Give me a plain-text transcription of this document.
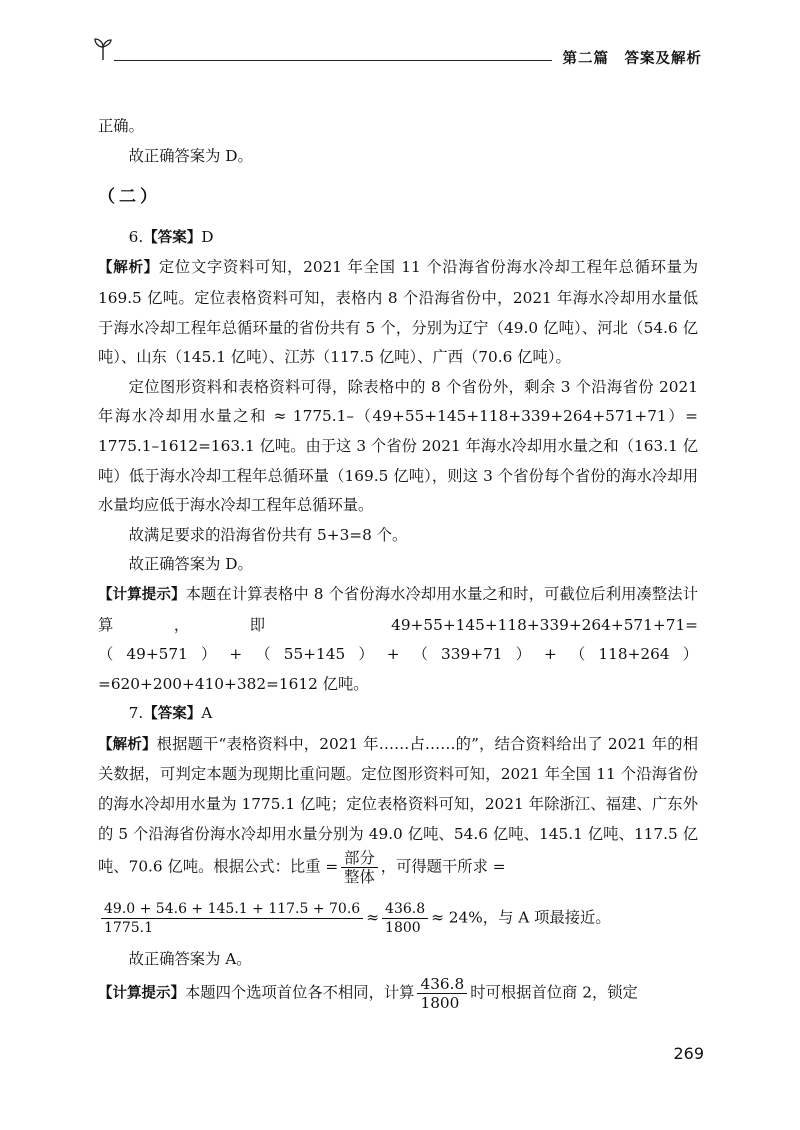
第二篇　答案及解析

正确。

故正确答案为 D。

（二）

6.【答案】D

【解析】定位文字资料可知，2021 年全国 11 个沿海省份海水冷却工程年总循环量为 169.5 亿吨。定位表格资料可知，表格内 8 个沿海省份中，2021 年海水冷却用水量低于海水冷却工程年总循环量的省份共有 5 个，分别为辽宁（49.0 亿吨）、河北（54.6 亿吨）、山东（145.1 亿吨）、江苏（117.5 亿吨）、广西（70.6 亿吨）。

定位图形资料和表格资料可得，除表格中的 8 个省份外，剩余 3 个沿海省份 2021 年海水冷却用水量之和 ≈ 1775.1–（49+55+145+118+339+264+571+71）= 1775.1–1612=163.1 亿吨。由于这 3 个省份 2021 年海水冷却用水量之和（163.1 亿吨）低于海水冷却工程年总循环量（169.5 亿吨），则这 3 个省份每个省份的海水冷却用水量均应低于海水冷却工程年总循环量。

故满足要求的沿海省份共有 5+3=8 个。

故正确答案为 D。

【计算提示】本题在计算表格中 8 个省份海水冷却用水量之和时，可截位后利用凑整法计算，即 49+55+145+118+339+264+571+71=（49+571）+（55+145）+（339+71）+（118+264）=620+200+410+382=1612 亿吨。

7.【答案】A

【解析】根据题干“表格资料中，2021 年……占……的”，结合资料给出了 2021 年的相关数据，可判定本题为现期比重问题。定位图形资料可知，2021 年全国 11 个沿海省份的海水冷却用水量为 1775.1 亿吨；定位表格资料可知，2021 年除浙江、福建、广东外的 5 个沿海省份海水冷却用水量分别为 49.0 亿吨、54.6 亿吨、145.1 亿吨、117.5 亿吨、70.6 亿吨。根据公式：比重 = $\frac{\text{部分}}{\text{整体}}$ ，可得题干所求 =

$\frac{49.0 + 54.6 + 145.1 + 117.5 + 70.6}{1775.1} \approx \frac{436.8}{1800} \approx 24\%$，与 A 项最接近。

故正确答案为 A。

【计算提示】本题四个选项首位各不相同，计算 $\frac{436.8}{1800}$ 时可根据首位商 2，锁定

269
